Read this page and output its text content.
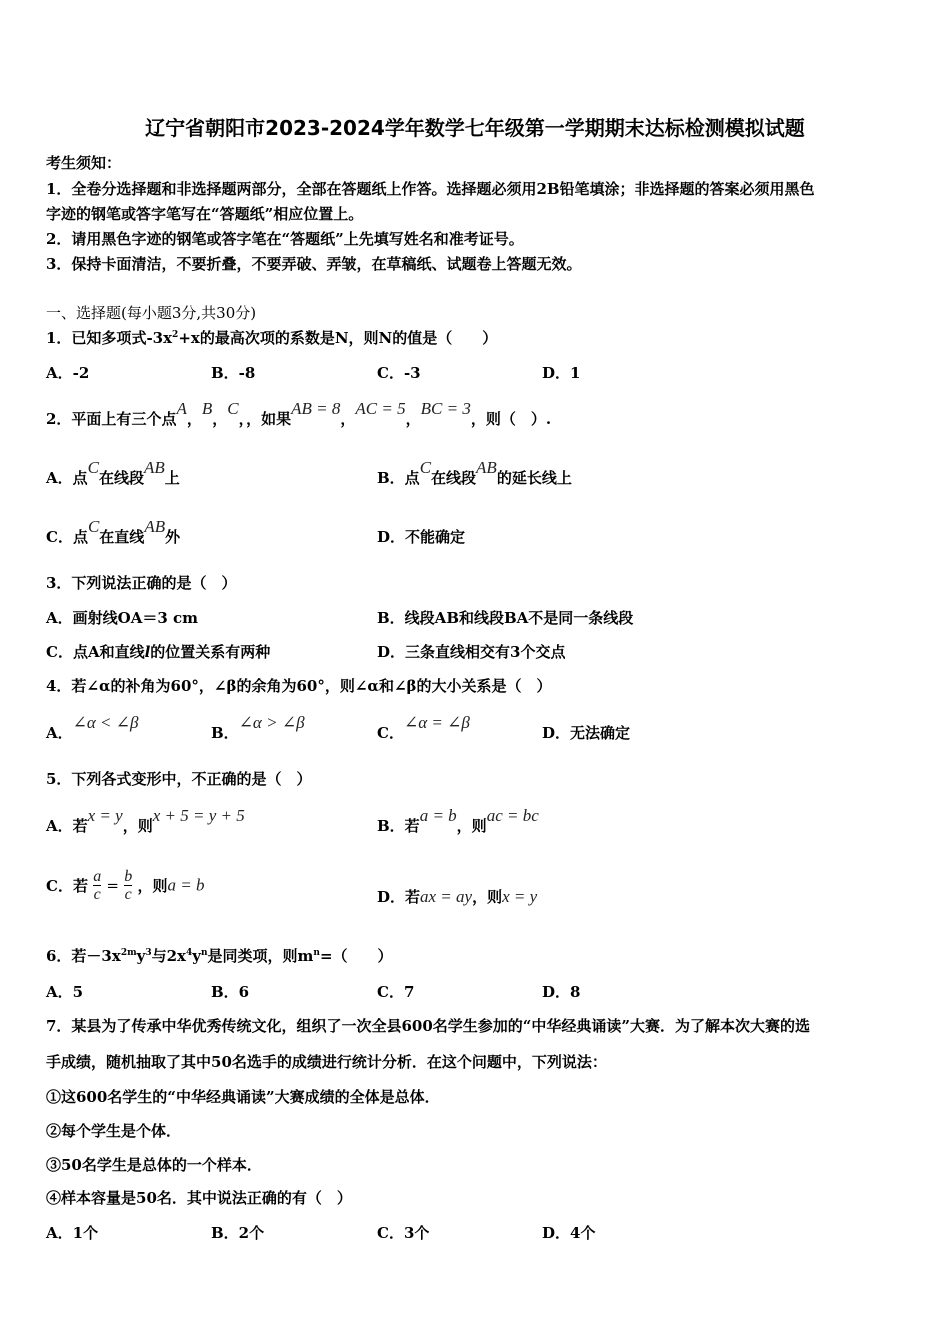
辽宁省朝阳市2023-2024学年数学七年级第一学期期末达标检测模拟试题
考生须知：
1．全卷分选择题和非选择题两部分，全部在答题纸上作答。选择题必须用2B铅笔填涂；非选择题的答案必须用黑色
字迹的钢笔或答字笔写在“答题纸”相应位置上。
2．请用黑色字迹的钢笔或答字笔在“答题纸”上先填写姓名和准考证号。
3．保持卡面清洁，不要折叠，不要弄破、弄皱，在草稿纸、试题卷上答题无效。
一、选择题(每小题3分,共30分)
1．已知多项式$-3x^2+x$的最高次项的系数是N，则N的值是（　　）
A．-2	B．-8	C．-3	D．1
2．平面上有三个点A，B，C，，如果AB = 8，AC = 5，BC = 3，则（　）.
A．点C在线段AB上	B．点C在线段AB的延长线上
C．点C在直线AB外	D．不能确定
3．下列说法正确的是（　）
A．画射线OA＝3 cm	B．线段AB和线段BA不是同一条线段
C．点A和直线l的位置关系有两种	D．三条直线相交有3个交点
4．若∠α的补角为60°，∠β的余角为60°，则∠α和∠β的大小关系是（　）
A．∠α < ∠β
B．∠α > ∠β
C．∠α = ∠β
D．无法确定
5．下列各式变形中，不正确的是（　）
A．若x = y，则x + 5 = y + 5
B．若a = b，则ac = bc
C．若 $\frac{a}{c} = \frac{b}{c}$ ，则a = b
D．若ax = ay，则x = y
6．若$-3x^{2m}y^3$与$2x^4y^n$是同类项，则$m^n=$（　　）
A．5	B．6	C．7	D．8
7．某县为了传承中华优秀传统文化，组织了一次全县600名学生参加的“中华经典诵读”大赛．为了解本次大赛的选
手成绩，随机抽取了其中50名选手的成绩进行统计分析．在这个问题中，下列说法：
①这600名学生的“中华经典诵读”大赛成绩的全体是总体．
②每个学生是个体．
③50名学生是总体的一个样本．
④样本容量是50名．其中说法正确的有（　）
A．1个	B．2个	C．3个	D．4个
